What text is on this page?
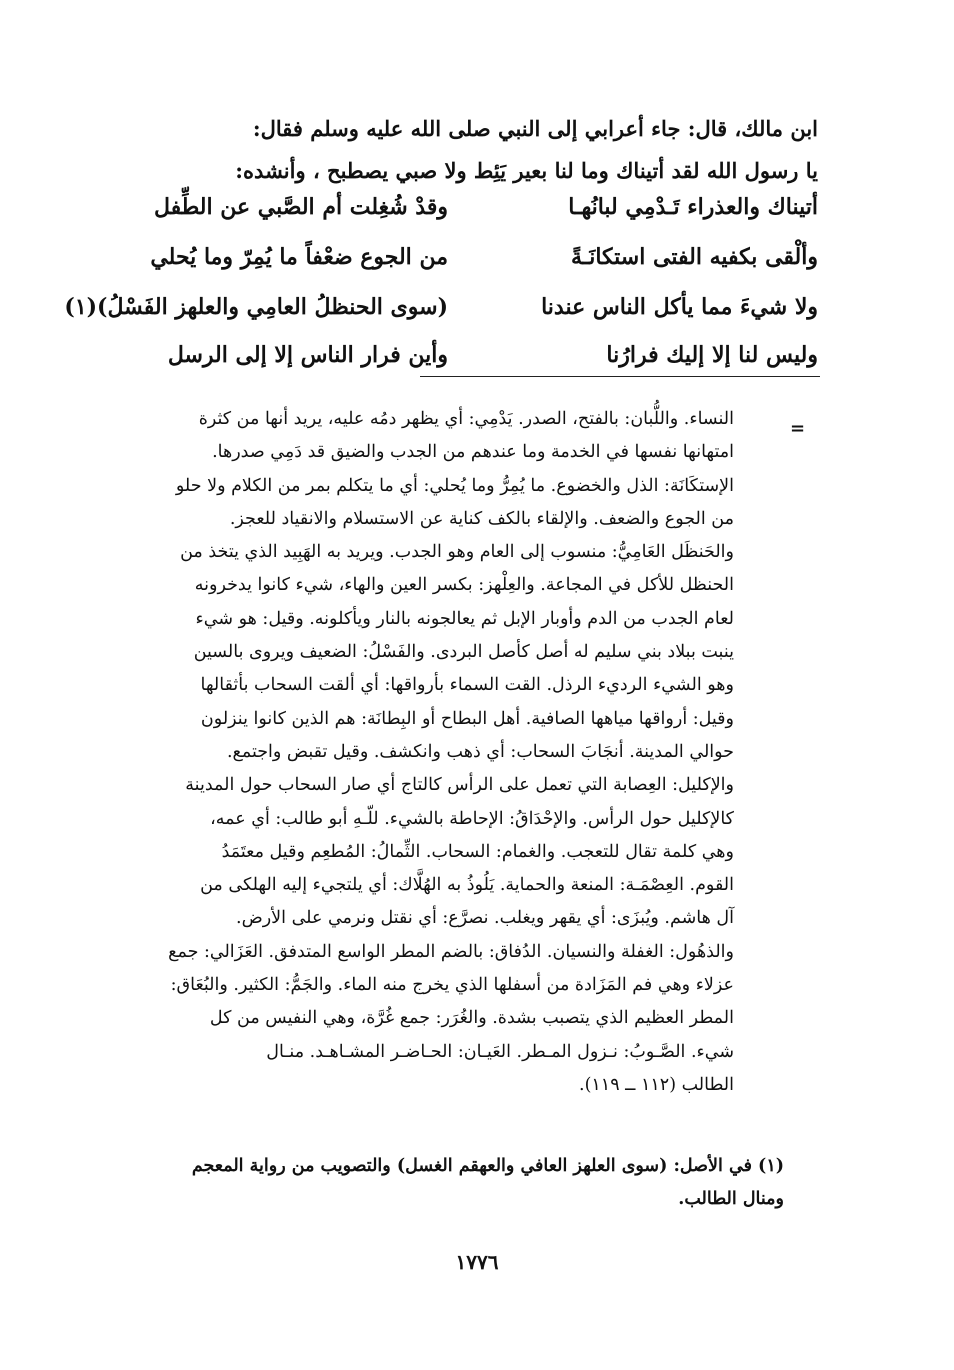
ابن مالك، قال: جاء أعرابي إلى النبي صلى الله عليه وسلم فقال:
يا رسول الله لقد أتيناك وما لنا بعير يَئِط ولا صبي يصطبح ، وأنشده:
أتيناك والعذراء تَـدْمِي لبانُهـا
وقدْ شُغِلت أم الصَّبي عن الطِّفل
وألْقى بكفيه الفتى استكانَـةً
من الجوع ضعْفاً ما يُمِرّ وما يُحلي
ولا شيءَ مما يأكل الناس عندنا
(سوى الحنظلُ العامِي والعلهز الفَسْلُ)(١)
وليس لنا إلا إليك فرارُنا
وأين فرار الناس إلا إلى الرسل
=
النساء. واللُّبان: بالفتح، الصدر. يَدْمِي: أي يظهر دمُه عليه، يريد أنها من كثرة
امتهانها نفسها في الخدمة وما عندهم من الجدب والضيق قد دَمِي صدرها.
الإستكَانَة: الذل والخضوع. ما يُمِرُّ وما يُحلي: أي ما يتكلم بمر من الكلام ولا حلو
من الجوع والضعف. والإلقاء بالكف كناية عن الاستسلام والانقياد للعجز.
والحَنظَل العَامِيُّ: منسوب إلى العام وهو الجدب. ويريد به الهَبِيد الذي يتخذ من
الحنظل للأكل في المجاعة. والعِلْهز: بكسر العين والهاء، شيء كانوا يدخرونه
لعام الجدب من الدم وأوبار الإبل ثم يعالجونه بالنار ويأكلونه. وقيل: هو شيء
ينبت ببلاد بني سليم له أصل كأصل البردى. والفَسْلُ: الضعيف ويروى بالسين
وهو الشيء الرديء الرذل. القت السماء بأرواقها: أي ألقت السحاب بأثقالها
وقيل: أرواقها مياهها الصافية. أهل البطاح أو البِطانَة: هم الذين كانوا ينزلون
حوالي المدينة. أنجَابَ السحاب: أي ذهب وانكشف. وقيل تقبض واجتمع.
والإكليل: العِصابة التي تعمل على الرأس كالتاج أي صار السحاب حول المدينة
كالإكليل حول الرأس. والإحْدَاقُ: الإحاطة بالشيء. للّـهِ أبو طالب: أي عمه،
وهي كلمة تقال للتعجب. والغمام: السحاب. الثِّمالُ: المُطعِم وقيل معتَمَدُ
القوم. العِصْمَـة: المنعة والحماية. يَلُوذُ به الهُلَّاك: أي يلتجيء إليه الهلكى من
آل هاشم. ويُبزَى: أي يقهر ويغلب. نصرَّع: أي نقتل ونرمي على الأرض.
والذهُول: الغفلة والنسيان. الدُفاق: بالضم المطر الواسع المتدفق. العَزَالي: جمع
عزلاء وهي فم المَزَادة من أسفلها الذي يخرج منه الماء. والجَمُّ: الكثير. والبُعَاق:
المطر العظيم الذي يتصبب بشدة. والغُرَر: جمع غُرَّة، وهي النفيس من كل
شيء. الصَّـوبُ: نـزول المـطر. العَيـان: الحـاضـر المشـاهـد. منـال
الطالب (١١٢ ــ ١١٩).
(١) في الأصل: (سوى العلهز العافي والعهقم الغسل) والتصويب من رواية المعجم
ومنال الطالب.
١٧٧٦
